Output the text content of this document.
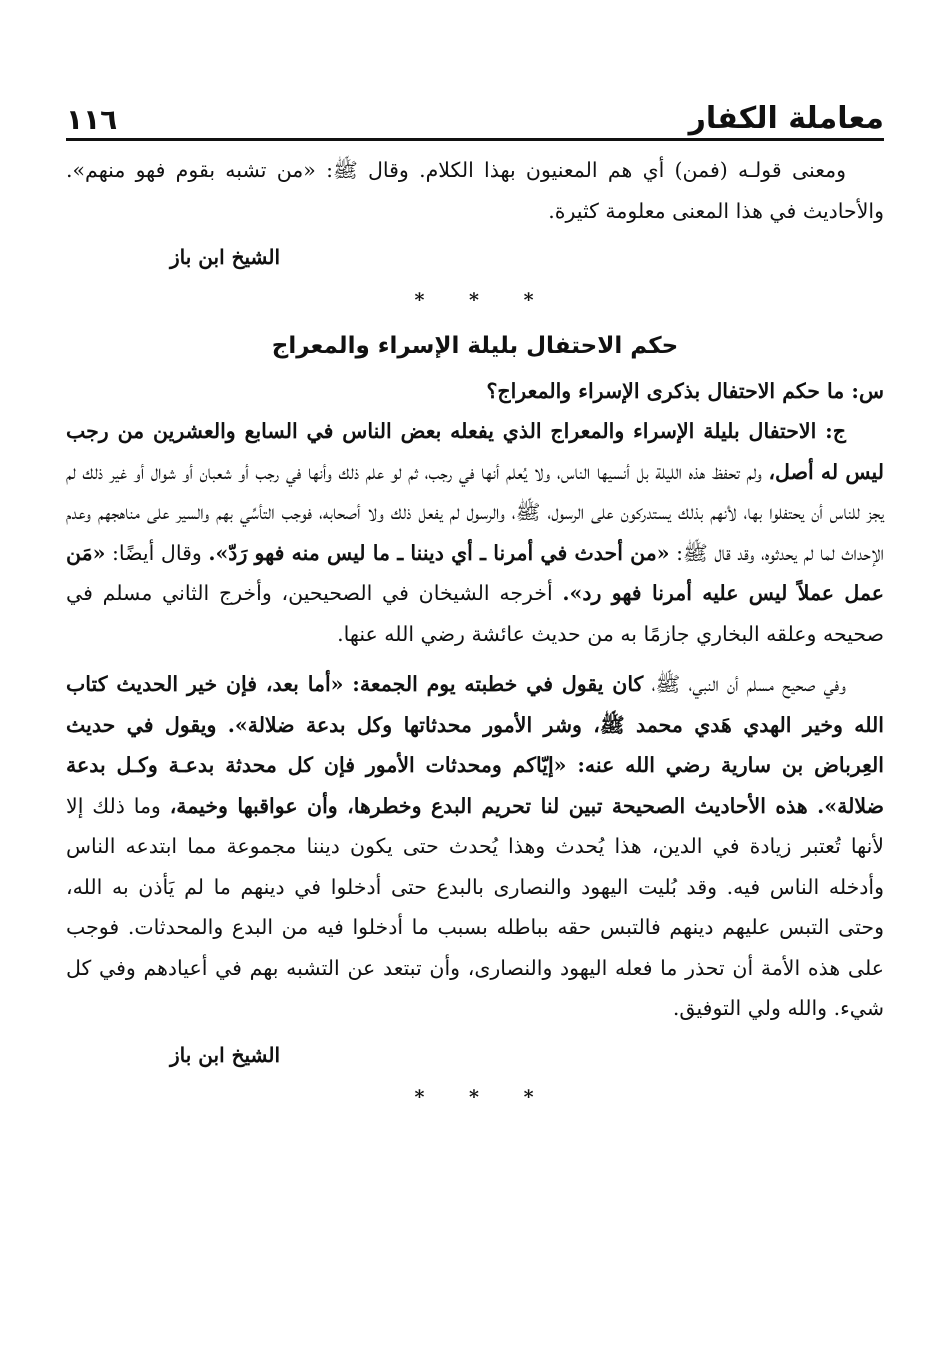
معاملة الكفار
١١٦

ومعنى قولـه (فمن) أي هم المعنيون بهذا الكلام. وقال ﷺ: «من تشبه بقوم فهو منهم». والأحاديث في هذا المعنى معلومة كثيرة.

الشيخ ابن باز
* * *
حكم الاحتفال بليلة الإسراء والمعراج

س: ما حكم الاحتفال بذكرى الإسراء والمعراج؟

ج: الاحتفال بليلة الإسراء والمعراج الذي يفعله بعض الناس في السابع والعشرين من رجب ليس له أصل، ولم تحفظ هذه الليلة بل أنسيها الناس، ولا يُعلم أنها في رجب، ثم لو علم ذلك وأنها في رجب أو شعبان أو شوال أو غير ذلك لم يجز للناس أن يحتفلوا بها، لأنهم بذلك يستدركون على الرسول، ﷺ، والرسول لم يفعل ذلك ولا أصحابه، فوجب التأسِّي بهم والسير على مناهجهم وعدم الإحداث لما لم يحدثوه، وقد قال ﷺ: «من أحدث في أمرنا ـ أي ديننا ـ ما ليس منه فهو رَدّ». وقال أيضًا: «مَن عمل عملاً ليس عليه أمرنا فهو رد». أخرجه الشيخان في الصحيحين، وأخرج الثاني مسلم في صحيحه وعلقه البخاري جازمًا به من حديث عائشة رضي الله عنها.

وفي صحيح مسلم أن النبي، ﷺ، كان يقول في خطبته يوم الجمعة: «أما بعد، فإن خير الحديث كتاب الله وخير الهدي هَدي محمد ﷺ، وشر الأمور محدثاتها وكل بدعة ضلالة». ويقول في حديث العِرباض بن سارية رضي الله عنه: «إيّاكم ومحدثات الأمور فإن كل محدثة بدعـة وكـل بدعة ضلالة». هذه الأحاديث الصحيحة تبين لنا تحريم البدع وخطرها، وأن عواقبها وخيمة، وما ذلك إلا لأنها تُعتبر زيادة في الدين، هذا يُحدث وهذا يُحدث حتى يكون ديننا مجموعة مما ابتدعه الناس وأدخله الناس فيه. وقد بُليت اليهود والنصارى بالبدع حتى أدخلوا في دينهم ما لم يَأذن به الله، وحتى التبس عليهم دينهم فالتبس حقه بباطله بسبب ما أدخلوا فيه من البدع والمحدثات. فوجب على هذه الأمة أن تحذر ما فعله اليهود والنصارى، وأن تبتعد عن التشبه بهم في أعيادهم وفي كل شيء. والله ولي التوفيق.

الشيخ ابن باز
* * *
